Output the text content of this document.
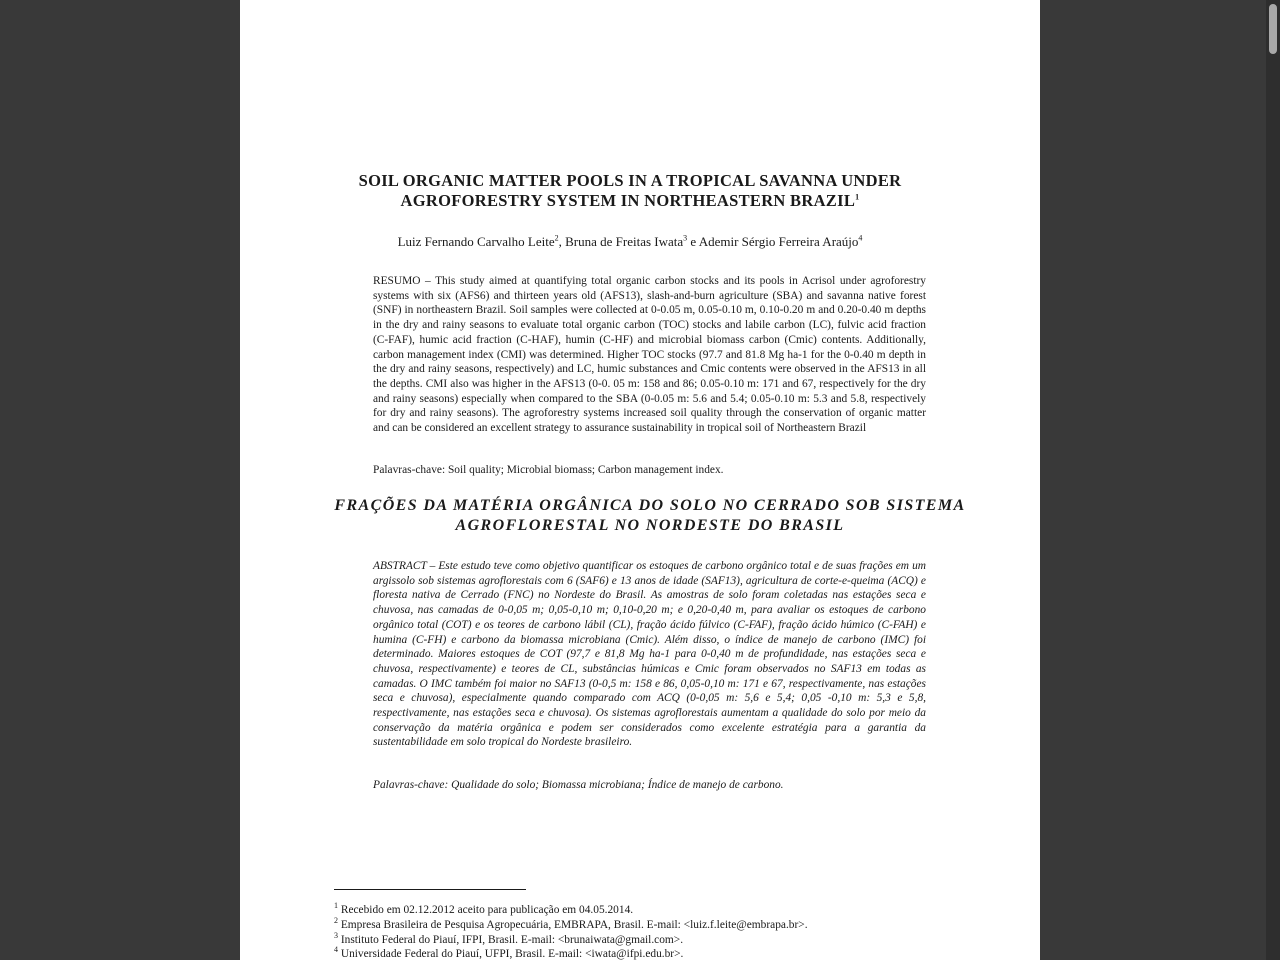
SOIL ORGANIC MATTER POOLS IN A TROPICAL SAVANNA UNDER AGROFORESTRY SYSTEM IN NORTHEASTERN BRAZIL$^1$
Luiz Fernando Carvalho Leite$^2$, Bruna de Freitas Iwata$^3$ e Ademir Sérgio Ferreira Araújo$^4$
RESUMO – This study aimed at quantifying total organic carbon stocks and its pools in Acrisol under agroforestry systems with six (AFS6) and thirteen years old (AFS13), slash-and-burn agriculture (SBA) and savanna native forest (SNF) in northeastern Brazil. Soil samples were collected at 0-0.05 m, 0.05-0.10 m, 0.10-0.20 m and 0.20-0.40 m depths in the dry and rainy seasons to evaluate total organic carbon (TOC) stocks and labile carbon (LC), fulvic acid fraction (C-FAF), humic acid fraction (C-HAF), humin (C-HF) and microbial biomass carbon (Cmic) contents. Additionally, carbon management index (CMI) was determined. Higher TOC stocks (97.7 and 81.8 Mg ha-1 for the 0-0.40 m depth in the dry and rainy seasons, respectively) and LC, humic substances and Cmic contents were observed in the AFS13 in all the depths. CMI also was higher in the AFS13 (0-0. 05 m: 158 and 86; 0.05-0.10 m: 171 and 67, respectively for the dry and rainy seasons) especially when compared to the SBA (0-0.05 m: 5.6 and 5.4; 0.05-0.10 m: 5.3 and 5.8, respectively for dry and rainy seasons). The agroforestry systems increased soil quality through the conservation of organic matter and can be considered an excellent strategy to assurance sustainability in tropical soil of Northeastern Brazil
Palavras-chave: Soil quality; Microbial biomass; Carbon management index.
FRAÇÕES DA MATÉRIA ORGÂNICA DO SOLO NO CERRADO SOB SISTEMA AGROFLORESTAL NO NORDESTE DO BRASIL
ABSTRACT – Este estudo teve como objetivo quantificar os estoques de carbono orgânico total e de suas frações em um argissolo sob sistemas agroflorestais com 6 (SAF6) e 13 anos de idade (SAF13), agricultura de corte-e-queima (ACQ) e floresta nativa de Cerrado (FNC) no Nordeste do Brasil. As amostras de solo foram coletadas nas estações seca e chuvosa, nas camadas de 0-0,05 m; 0,05-0,10 m; 0,10-0,20 m; e 0,20-0,40 m, para avaliar os estoques de carbono orgânico total (COT) e os teores de carbono lábil (CL), fração ácido fúlvico (C-FAF), fração ácido húmico (C-FAH) e humina (C-FH) e carbono da biomassa microbiana (Cmic). Além disso, o índice de manejo de carbono (IMC) foi determinado. Maiores estoques de COT (97,7 e 81,8 Mg ha-1 para 0-0,40 m de profundidade, nas estações seca e chuvosa, respectivamente) e teores de CL, substâncias húmicas e Cmic foram observados no SAF13 em todas as camadas. O IMC também foi maior no SAF13 (0-0,5 m: 158 e 86, 0,05-0,10 m: 171 e 67, respectivamente, nas estações seca e chuvosa), especialmente quando comparado com ACQ (0-0,05 m: 5,6 e 5,4; 0,05 -0,10 m: 5,3 e 5,8, respectivamente, nas estações seca e chuvosa). Os sistemas agroflorestais aumentam a qualidade do solo por meio da conservação da matéria orgânica e podem ser considerados como excelente estratégia para a garantia da sustentabilidade em solo tropical do Nordeste brasileiro.
Palavras-chave: Qualidade do solo; Biomassa microbiana; Índice de manejo de carbono.
$^1$ Recebido em 02.12.2012 aceito para publicação em 04.05.2014.
$^2$ Empresa Brasileira de Pesquisa Agropecuária, EMBRAPA, Brasil. E-mail: <luiz.f.leite@embrapa.br>.
$^3$ Instituto Federal do Piauí, IFPI, Brasil. E-mail: <brunaiwata@gmail.com>.
$^4$ Universidade Federal do Piauí, UFPI, Brasil. E-mail: <iwata@ifpi.edu.br>.
